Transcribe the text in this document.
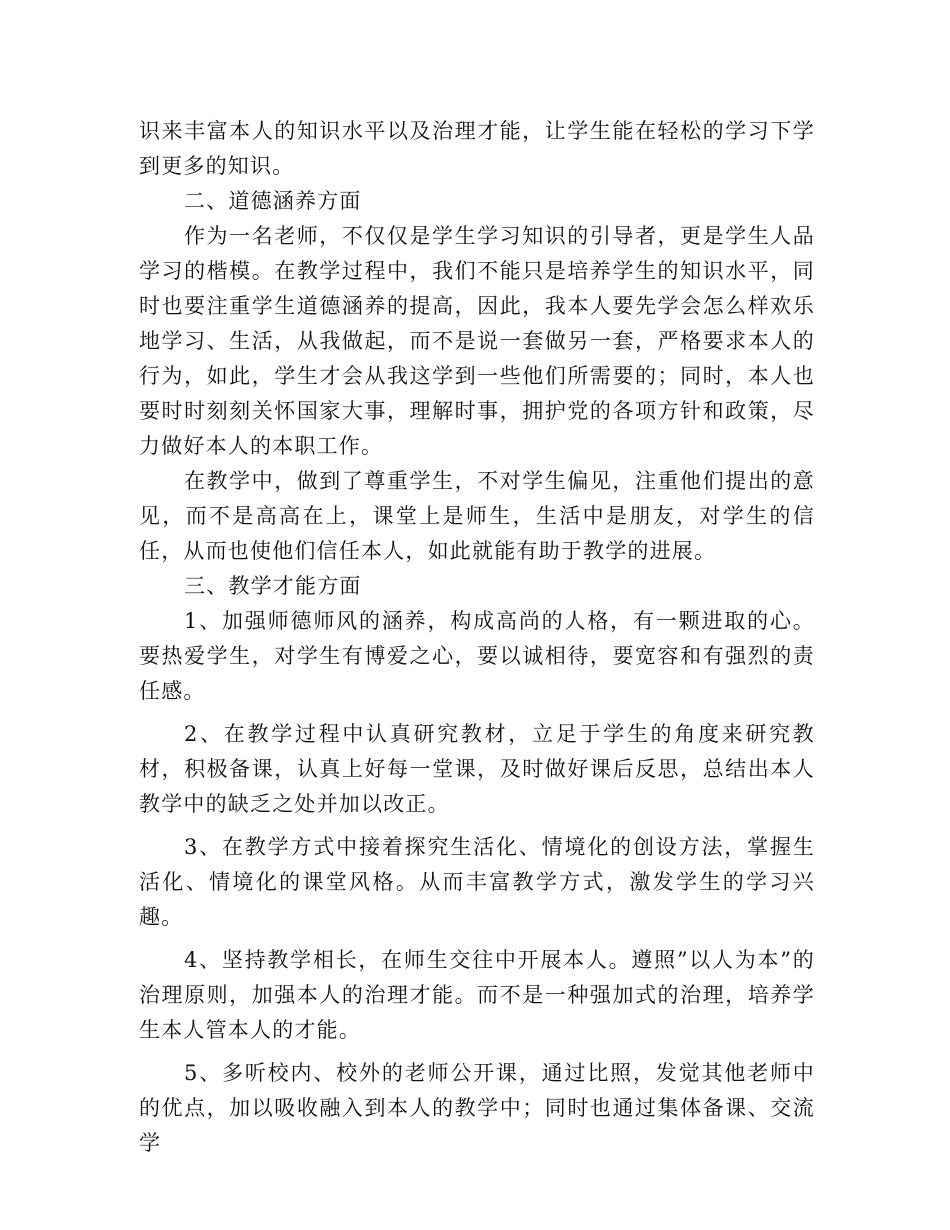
识来丰富本人的知识水平以及治理才能，让学生能在轻松的学习下学到更多的知识。

二、道德涵养方面

作为一名老师，不仅仅是学生学习知识的引导者，更是学生人品学习的楷模。在教学过程中，我们不能只是培养学生的知识水平，同时也要注重学生道德涵养的提高，因此，我本人要先学会怎么样欢乐地学习、生活，从我做起，而不是说一套做另一套，严格要求本人的行为，如此，学生才会从我这学到一些他们所需要的；同时，本人也要时时刻刻关怀国家大事，理解时事，拥护党的各项方针和政策，尽力做好本人的本职工作。

在教学中，做到了尊重学生，不对学生偏见，注重他们提出的意见，而不是高高在上，课堂上是师生，生活中是朋友，对学生的信任，从而也使他们信任本人，如此就能有助于教学的进展。

三、教学才能方面

1、加强师德师风的涵养，构成高尚的人格，有一颗进取的心。要热爱学生，对学生有博爱之心，要以诚相待，要宽容和有强烈的责任感。

2、在教学过程中认真研究教材，立足于学生的角度来研究教材，积极备课，认真上好每一堂课，及时做好课后反思，总结出本人教学中的缺乏之处并加以改正。

3、在教学方式中接着探究生活化、情境化的创设方法，掌握生活化、情境化的课堂风格。从而丰富教学方式，激发学生的学习兴趣。

4、坚持教学相长，在师生交往中开展本人。遵照”以人为本”的治理原则，加强本人的治理才能。而不是一种强加式的治理，培养学生本人管本人的才能。

5、多听校内、校外的老师公开课，通过比照，发觉其他老师中的优点，加以吸收融入到本人的教学中；同时也通过集体备课、交流学
